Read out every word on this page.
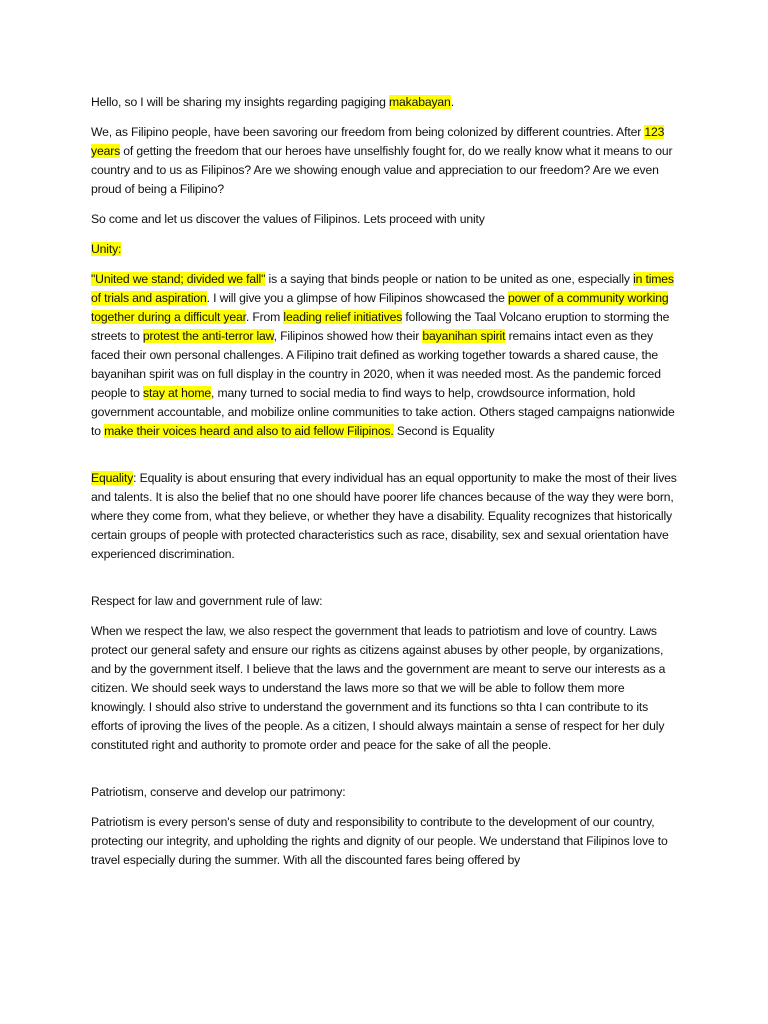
Hello, so I will be sharing my insights regarding pagiging makabayan.

We, as Filipino people, have been savoring our freedom from being colonized by different countries. After 123 years of getting the freedom that our heroes have unselfishly fought for, do we really know what it means to our country and to us as Filipinos? Are we showing enough value and appreciation to our freedom? Are we even proud of being a Filipino?

So come and let us discover the values of Filipinos. Lets proceed with unity

Unity:

"United we stand; divided we fall" is a saying that binds people or nation to be united as one, especially in times of trials and aspiration. I will give you a glimpse of how Filipinos showcased the power of a community working together during a difficult year. From leading relief initiatives following the Taal Volcano eruption to storming the streets to protest the anti-terror law, Filipinos showed how their bayanihan spirit remains intact even as they faced their own personal challenges. A Filipino trait defined as working together towards a shared cause, the bayanihan spirit was on full display in the country in 2020, when it was needed most. As the pandemic forced people to stay at home, many turned to social media to find ways to help, crowdsource information, hold government accountable, and mobilize online communities to take action. Others staged campaigns nationwide to make their voices heard and also to aid fellow Filipinos. Second is Equality

Equality: Equality is about ensuring that every individual has an equal opportunity to make the most of their lives and talents. It is also the belief that no one should have poorer life chances because of the way they were born, where they come from, what they believe, or whether they have a disability. Equality recognizes that historically certain groups of people with protected characteristics such as race, disability, sex and sexual orientation have experienced discrimination.

Respect for law and government rule of law:

When we respect the law, we also respect the government that leads to patriotism and love of country. Laws protect our general safety and ensure our rights as citizens against abuses by other people, by organizations, and by the government itself. I believe that the laws and the government are meant to serve our interests as a citizen. We should seek ways to understand the laws more so that we will be able to follow them more knowingly. I should also strive to understand the government and its functions so thta I can contribute to its efforts of iproving the lives of the people. As a citizen, I should always maintain a sense of respect for her duly constituted right and authority to promote order and peace for the sake of all the people.

Patriotism, conserve and develop our patrimony:

Patriotism is every person's sense of duty and responsibility to contribute to the development of our country, protecting our integrity, and upholding the rights and dignity of our people. We understand that Filipinos love to travel especially during the summer. With all the discounted fares being offered by
